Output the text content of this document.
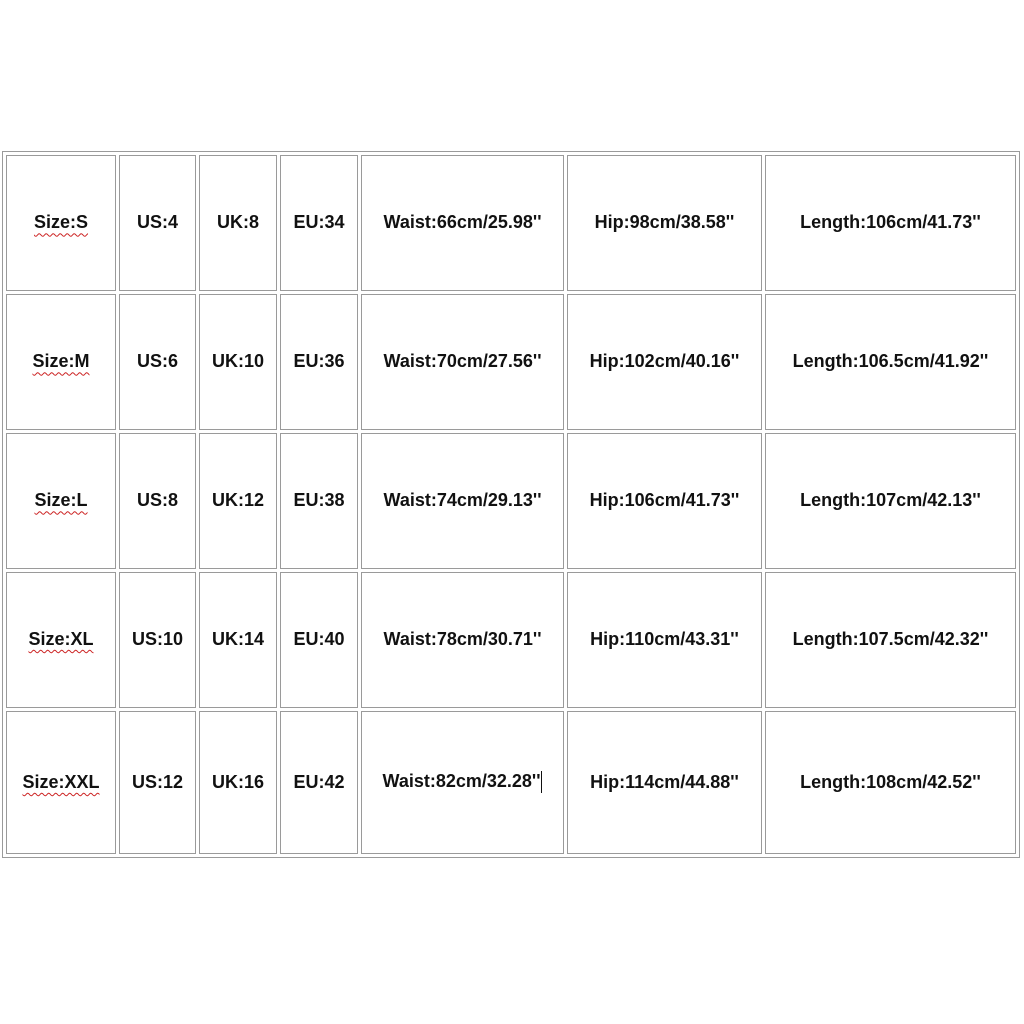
Size:S	US:4	UK:8	EU:34	Waist:66cm/25.98''	Hip:98cm/38.58''	Length:106cm/41.73''
Size:M	US:6	UK:10	EU:36	Waist:70cm/27.56''	Hip:102cm/40.16''	Length:106.5cm/41.92''
Size:L	US:8	UK:12	EU:38	Waist:74cm/29.13''	Hip:106cm/41.73''	Length:107cm/42.13''
Size:XL	US:10	UK:14	EU:40	Waist:78cm/30.71''	Hip:110cm/43.31''	Length:107.5cm/42.32''
Size:XXL	US:12	UK:16	EU:42	Waist:82cm/32.28''	Hip:114cm/44.88''	Length:108cm/42.52''
